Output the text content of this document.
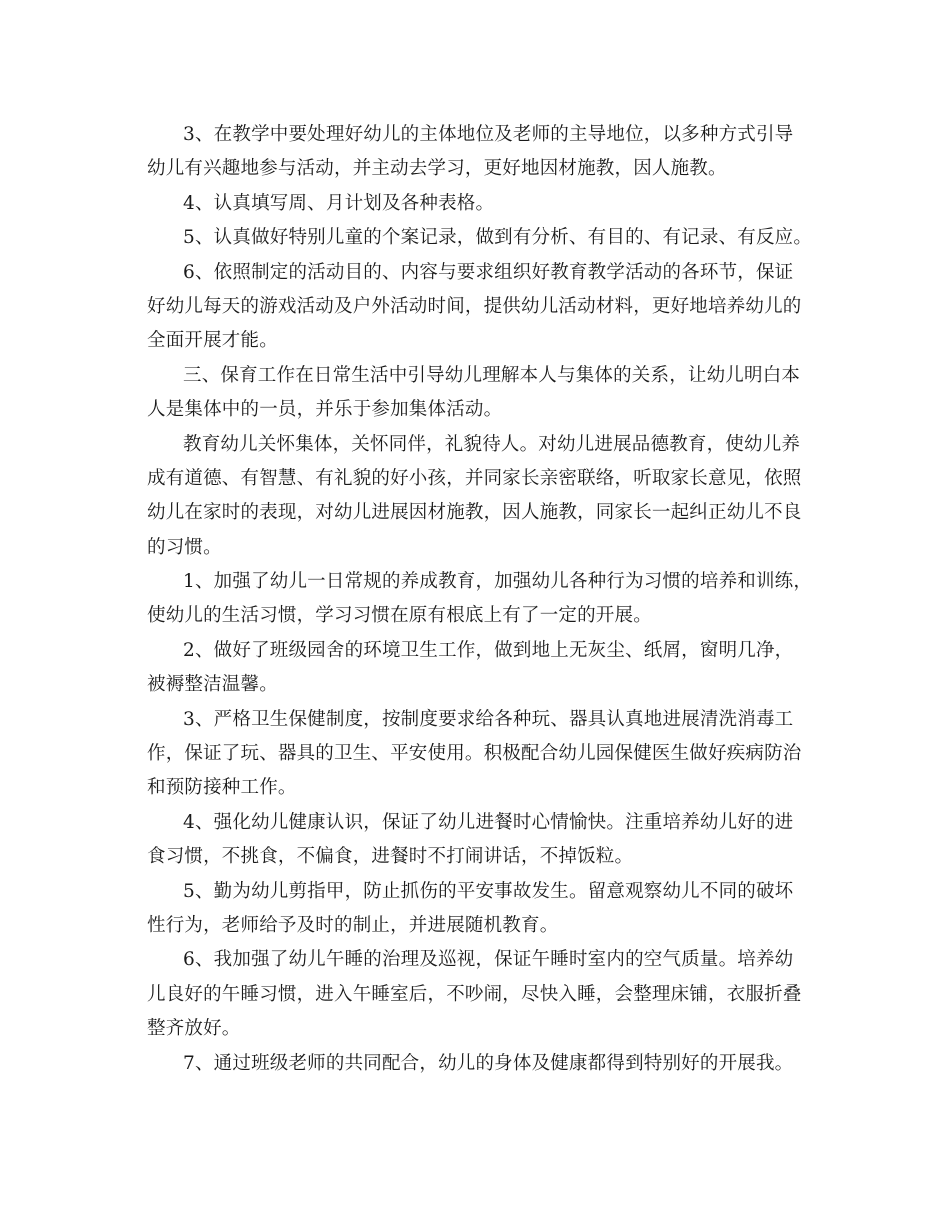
3、在教学中要处理好幼儿的主体地位及老师的主导地位，以多种方式引导
幼儿有兴趣地参与活动，并主动去学习，更好地因材施教，因人施教。

4、认真填写周、月计划及各种表格。

5、认真做好特别儿童的个案记录，做到有分析、有目的、有记录、有反应。

6、依照制定的活动目的、内容与要求组织好教育教学活动的各环节，保证
好幼儿每天的游戏活动及户外活动时间，提供幼儿活动材料，更好地培养幼儿的
全面开展才能。

三、保育工作在日常生活中引导幼儿理解本人与集体的关系，让幼儿明白本
人是集体中的一员，并乐于参加集体活动。

教育幼儿关怀集体，关怀同伴，礼貌待人。对幼儿进展品德教育，使幼儿养
成有道德、有智慧、有礼貌的好小孩，并同家长亲密联络，听取家长意见，依照
幼儿在家时的表现，对幼儿进展因材施教，因人施教，同家长一起纠正幼儿不良
的习惯。

1、加强了幼儿一日常规的养成教育，加强幼儿各种行为习惯的培养和训练，
使幼儿的生活习惯，学习习惯在原有根底上有了一定的开展。

2、做好了班级园舍的环境卫生工作，做到地上无灰尘、纸屑，窗明几净，
被褥整洁温馨。

3、严格卫生保健制度，按制度要求给各种玩、器具认真地进展清洗消毒工
作，保证了玩、器具的卫生、平安使用。积极配合幼儿园保健医生做好疾病防治
和预防接种工作。

4、强化幼儿健康认识，保证了幼儿进餐时心情愉快。注重培养幼儿好的进
食习惯，不挑食，不偏食，进餐时不打闹讲话，不掉饭粒。

5、勤为幼儿剪指甲，防止抓伤的平安事故发生。留意观察幼儿不同的破坏
性行为，老师给予及时的制止，并进展随机教育。

6、我加强了幼儿午睡的治理及巡视，保证午睡时室内的空气质量。培养幼
儿良好的午睡习惯，进入午睡室后，不吵闹，尽快入睡，会整理床铺，衣服折叠
整齐放好。

7、通过班级老师的共同配合，幼儿的身体及健康都得到特别好的开展我。
